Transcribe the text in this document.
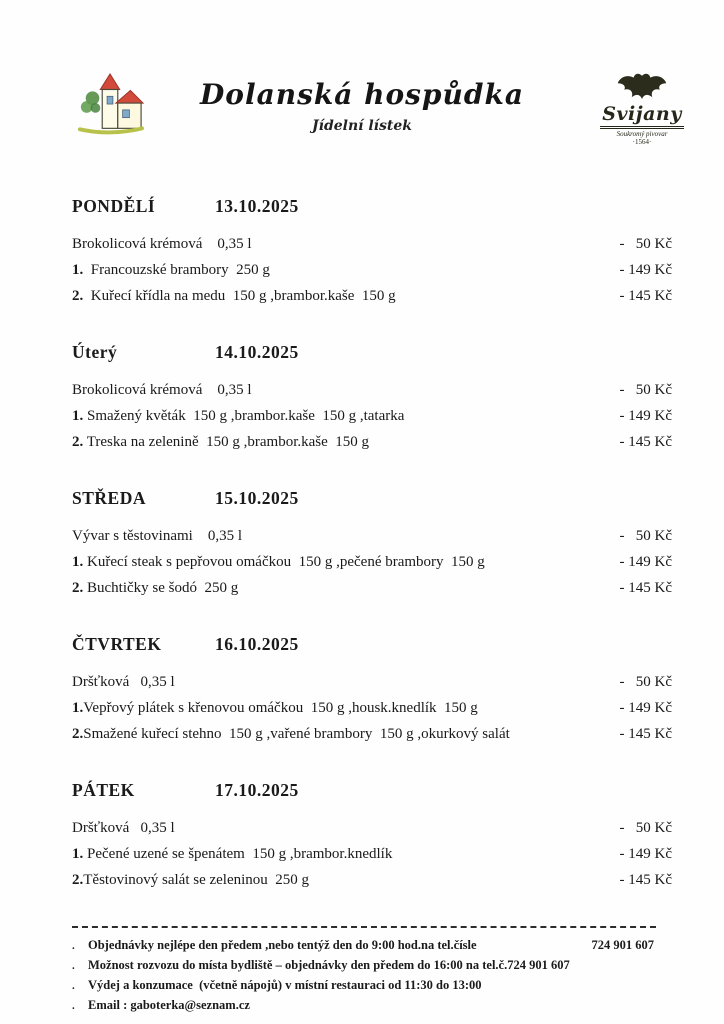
Dolanská hospůdka
Jídelní lístek
Svijany
Soukromý pivovar
·1564·
PONDĚLÍ	13.10.2025
Brokolicová krémová    0,35 l	-   50 Kč
1. Francouzské brambory  250 g	- 149 Kč
2. Kuřecí křídla na medu  150 g ,brambor.kaše  150 g	- 145 Kč
Úterý	14.10.2025
Brokolicová krémová    0,35 l	-   50 Kč
1. Smažený květák  150 g ,brambor.kaše  150 g ,tatarka	- 149 Kč
2. Treska na zelenině  150 g ,brambor.kaše  150 g	- 145 Kč
STŘEDA	15.10.2025
Vývar s těstovinami    0,35 l	-   50 Kč
1. Kuřecí steak s pepřovou omáčkou  150 g ,pečené brambory  150 g	- 149 Kč
2. Buchtičky se šodó  250 g	- 145 Kč
ČTVRTEK	16.10.2025
Dršťková   0,35 l	-   50 Kč
1. Vepřový plátek s křenovou omáčkou  150 g ,housk.knedlík  150 g	- 149 Kč
2. Smažené kuřecí stehno  150 g ,vařené brambory  150 g ,okurkový salát	- 145 Kč
PÁTEK	17.10.2025
Dršťková   0,35 l	-   50 Kč
1. Pečené uzené se špenátem  150 g ,brambor.knedlík	- 149 Kč
2. Těstovinový salát se zeleninou  250 g	- 145 Kč
.	Objednávky nejlépe den předem ,nebo tentýž den do 9:00 hod.na tel.čísle	724 901 607
.	Možnost rozvozu do místa bydliště – objednávky den předem do 16:00 na tel.č.724 901 607
.	Výdej a konzumace  (včetně nápojů) v místní restauraci od 11:30 do 13:00
.	Email : gaboterka@seznam.cz
